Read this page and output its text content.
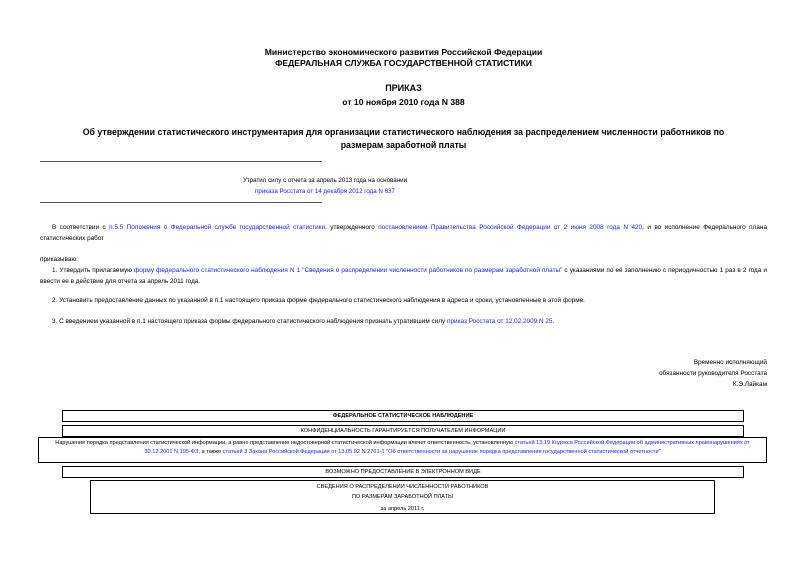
Министерство экономического развития Российской Федерации
ФЕДЕРАЛЬНАЯ СЛУЖБА ГОСУДАРСТВЕННОЙ СТАТИСТИКИ
ПРИКАЗ
от 10 ноября 2010 года N 388
Об утверждении статистического инструментария для организации статистического наблюдения за распределением численности работников по размерам заработной платы
Утратил силу с отчета за апрель 2013 года на основании
приказа Росстата от 14 декабря 2012 года N 637
В соответствии с п.5.5 Положения о Федеральной службе государственной статистики, утвержденного постановлением Правительства Российской Федерации от 2 июня 2008 года N 420, и во исполнение Федерального плана статистических работ
приказываю:
1. Утвердить прилагаемую форму федерального статистического наблюдения N 1 "Сведения о распределении численности работников по размерам заработной платы" с указаниями по её заполнению с периодичностью 1 раз в 2 года и ввести ее в действие для отчета за апрель 2011 года.
2. Установить предоставление данных по указанной в п.1 настоящего приказа форме федерального статистического наблюдения в адреса и сроки, установленные в этой форме.
3. С введением указанной в п.1 настоящего приказа формы федерального статистического наблюдения признать утратившим силу приказ Росстата от 12.02.2009 N 25.
Временно исполняющий
обязанности руководителя Росстата
К.Э.Лайкам
ФЕДЕРАЛЬНОЕ СТАТИСТИЧЕСКОЕ НАБЛЮДЕНИЕ
КОНФИДЕНЦИАЛЬНОСТЬ ГАРАНТИРУЕТСЯ ПОЛУЧАТЕЛЕМ ИНФОРМАЦИИ
Нарушение порядка представления статистической информации, а равно представление недостоверной статистической информации влечет ответственность, установленную статьей 13.19 Кодекса Российской Федерации об административных правонарушениях от 30.12.2001 N 195-ФЗ, а также статьей 3 Закона Российской Федерации от 13.05.92 N 2761-1 "Об ответственности за нарушение порядка представления государственной статистической отчетности"
ВОЗМОЖНО ПРЕДОСТАВЛЕНИЕ В ЭЛЕКТРОННОМ ВИДЕ
СВЕДЕНИЯ О РАСПРЕДЕЛЕНИИ ЧИСЛЕННОСТИ РАБОТНИКОВ
ПО РАЗМЕРАМ ЗАРАБОТНОЙ ПЛАТЫ
за апрель 2011 г.
